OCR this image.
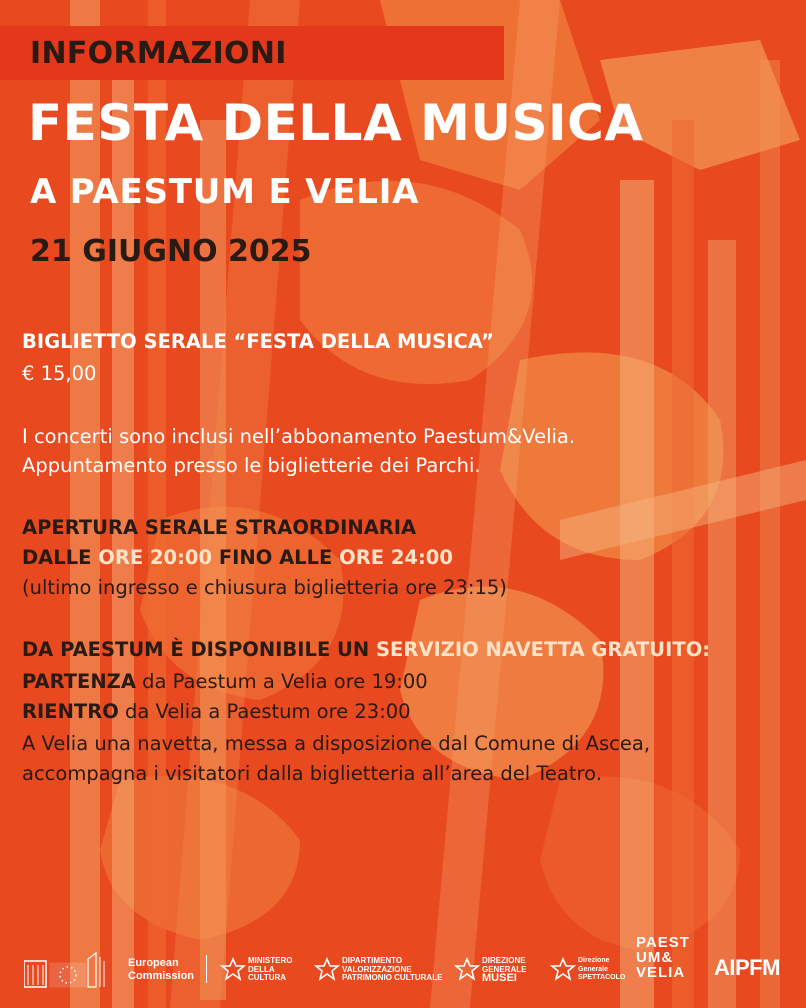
INFORMAZIONI
FESTA DELLA MUSICA
A PAESTUM E VELIA
21 GIUGNO 2025
BIGLIETTO SERALE “FESTA DELLA MUSICA”
€ 15,00
I concerti sono inclusi nell’abbonamento Paestum&Velia.
Appuntamento presso le biglietterie dei Parchi.
APERTURA SERALE STRAORDINARIA
DALLE ORE 20:00 FINO ALLE ORE 24:00
(ultimo ingresso e chiusura biglietteria ore 23:15)
DA PAESTUM È DISPONIBILE UN SERVIZIO NAVETTA GRATUITO:
PARTENZA da Paestum a Velia ore 19:00
RIENTRO da Velia a Paestum ore 23:00
A Velia una navetta, messa a disposizione dal Comune di Ascea,
accompagna i visitatori dalla biglietteria all’area del Teatro.
European
Commission
MINISTERO
DELLA
CULTURA
DIPARTIMENTO
VALORIZZAZIONE
PATRIMONIO CULTURALE
DIREZIONE
GENERALE
MUSEI
Direzione
Generale
SPETTACOLO
PAEST
UM&
VELIA AIPFM
